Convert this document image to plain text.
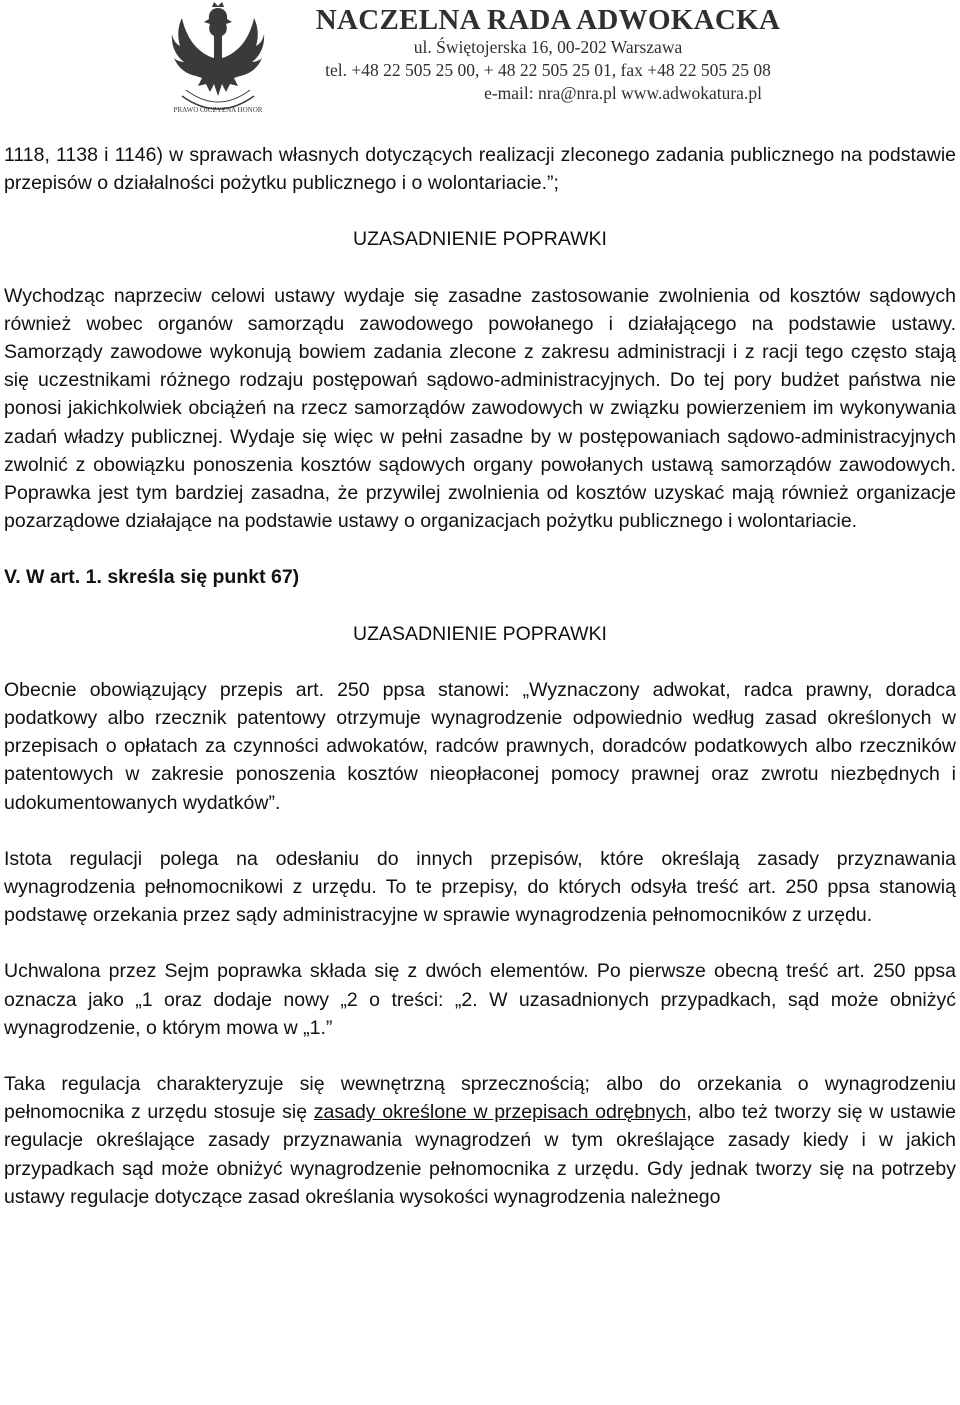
PRAWO OJCZYZNA HONOR
NACZELNA RADA ADWOKACKA
ul. Świętojerska 16, 00-202 Warszawa
tel. +48 22 505 25 00, + 48 22 505 25 01, fax +48 22 505 25 08
e-mail: nra@nra.pl www.adwokatura.pl

1118, 1138 i 1146) w sprawach własnych dotyczących realizacji zleconego zadania publicznego na podstawie przepisów o działalności pożytku publicznego i o wolontariacie.”;

UZASADNIENIE POPRAWKI

Wychodząc naprzeciw celowi ustawy wydaje się zasadne zastosowanie zwolnienia od kosztów sądowych również wobec organów samorządu zawodowego powołanego i działającego na podstawie ustawy. Samorządy zawodowe wykonują bowiem zadania zlecone z zakresu administracji i z racji tego często stają się uczestnikami różnego rodzaju postępowań sądowo-administracyjnych. Do tej pory budżet państwa nie ponosi jakichkolwiek obciążeń na rzecz samorządów zawodowych w związku powierzeniem im wykonywania zadań władzy publicznej. Wydaje się więc w pełni zasadne by w postępowaniach sądowo-administracyjnych zwolnić z obowiązku ponoszenia kosztów sądowych organy powołanych ustawą samorządów zawodowych. Poprawka jest tym bardziej zasadna, że przywilej zwolnienia od kosztów uzyskać mają również organizacje pozarządowe działające na podstawie ustawy o organizacjach pożytku publicznego i wolontariacie.

V. W art. 1. skreśla się punkt 67)

UZASADNIENIE POPRAWKI

Obecnie obowiązujący przepis art. 250 ppsa stanowi: „Wyznaczony adwokat, radca prawny, doradca podatkowy albo rzecznik patentowy otrzymuje wynagrodzenie odpowiednio według zasad określonych w przepisach o opłatach za czynności adwokatów, radców prawnych, doradców podatkowych albo rzeczników patentowych w zakresie ponoszenia kosztów nieopłaconej pomocy prawnej oraz zwrotu niezbędnych i udokumentowanych wydatków”.

Istota regulacji polega na odesłaniu do innych przepisów, które określają zasady przyznawania wynagrodzenia pełnomocnikowi z urzędu. To te przepisy, do których odsyła treść art. 250 ppsa stanowią podstawę orzekania przez sądy administracyjne w sprawie wynagrodzenia pełnomocników z urzędu.

Uchwalona przez Sejm poprawka składa się z dwóch elementów. Po pierwsze obecną treść art. 250 ppsa oznacza jako „1 oraz dodaje nowy „2 o treści: „2. W uzasadnionych przypadkach, sąd może obniżyć wynagrodzenie, o którym mowa w „1.”

Taka regulacja charakteryzuje się wewnętrzną sprzecznością; albo do orzekania o wynagrodzeniu pełnomocnika z urzędu stosuje się zasady określone w przepisach odrębnych, albo też tworzy się w ustawie regulacje określające zasady przyznawania wynagrodzeń w tym określające zasady kiedy i w jakich przypadkach sąd może obniżyć wynagrodzenie pełnomocnika z urzędu. Gdy jednak tworzy się na potrzeby ustawy regulacje dotyczące zasad określania wysokości wynagrodzenia należnego
